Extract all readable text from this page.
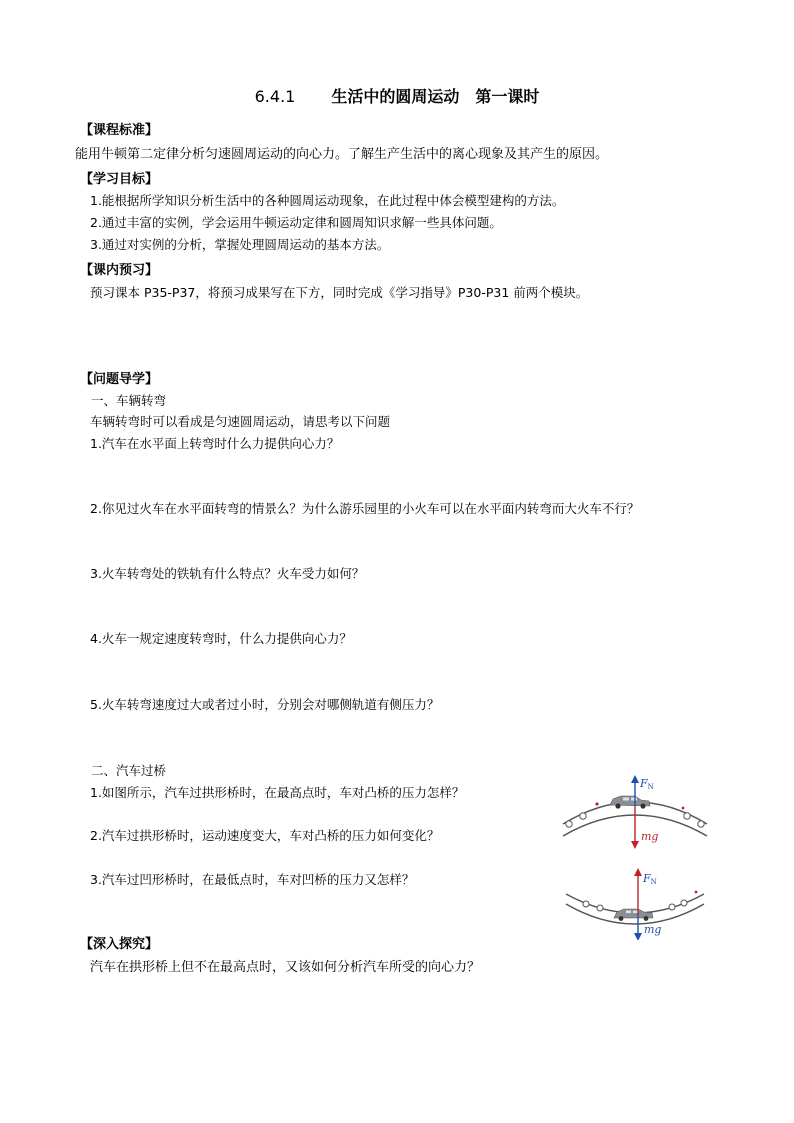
6.4.1 生活中的圆周运动　第一课时
【课程标准】
能用牛顿第二定律分析匀速圆周运动的向心力。了解生产生活中的离心现象及其产生的原因。
【学习目标】
1.能根据所学知识分析生活中的各种圆周运动现象，在此过程中体会模型建构的方法。
2.通过丰富的实例，学会运用牛顿运动定律和圆周知识求解一些具体问题。
3.通过对实例的分析，掌握处理圆周运动的基本方法。
【课内预习】
预习课本 P35-P37，将预习成果写在下方，同时完成《学习指导》P30-P31 前两个模块。
【问题导学】
一、车辆转弯
车辆转弯时可以看成是匀速圆周运动，请思考以下问题
1.汽车在水平面上转弯时什么力提供向心力？
2.你见过火车在水平面转弯的情景么？为什么游乐园里的小火车可以在水平面内转弯而大火车不行？
3.火车转弯处的铁轨有什么特点？火车受力如何？
4.火车一规定速度转弯时，什么力提供向心力？
5.火车转弯速度过大或者过小时，分别会对哪侧轨道有侧压力？
二、汽车过桥
1.如图所示，汽车过拱形桥时，在最高点时，车对凸桥的压力怎样？
2.汽车过拱形桥时，运动速度变大，车对凸桥的压力如何变化？
3.汽车过凹形桥时，在最低点时，车对凹桥的压力又怎样？
FN
mg
FN
mg
【深入探究】
汽车在拱形桥上但不在最高点时，又该如何分析汽车所受的向心力？
